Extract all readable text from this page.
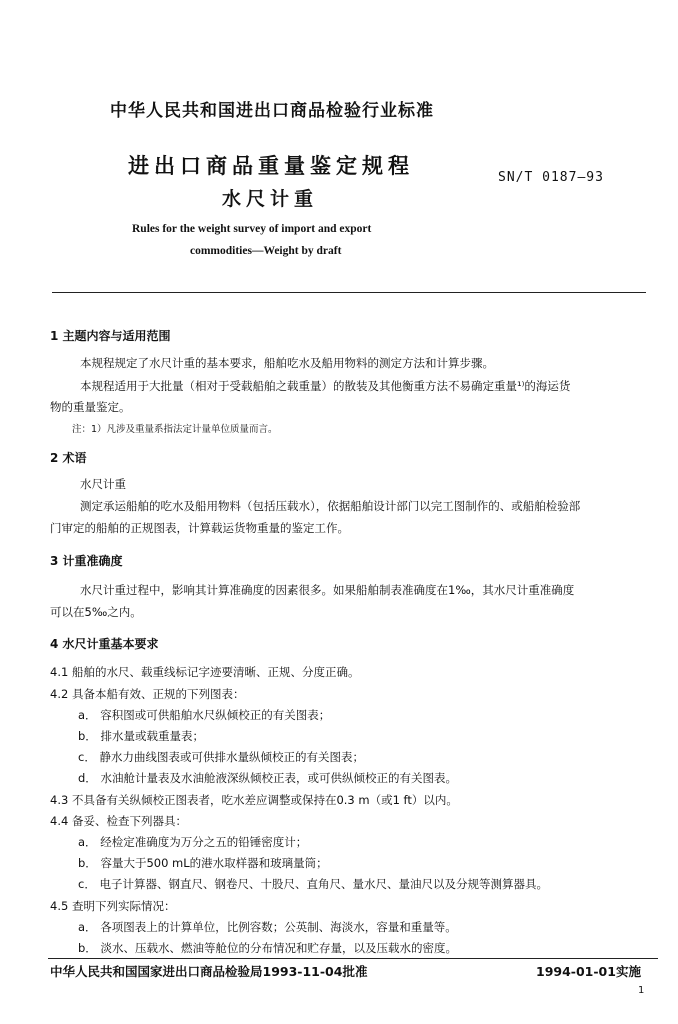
中华人民共和国进出口商品检验行业标准
进出口商品重量鉴定规程
水尺计重
SN/T 0187—93
Rules for the weight survey of import and export
commodities—Weight by draft
1 主题内容与适用范围
本规程规定了水尺计重的基本要求，船舶吃水及船用物料的测定方法和计算步骤。
本规程适用于大批量（相对于受载船舶之载重量）的散装及其他衡重方法不易确定重量¹⁾的海运货
物的重量鉴定。
注：1）凡涉及重量系指法定计量单位质量而言。
2 术语
水尺计重
测定承运船舶的吃水及船用物料（包括压载水），依据船舶设计部门以完工图制作的、或船舶检验部
门审定的船舶的正规图表，计算载运货物重量的鉴定工作。
3 计重准确度
水尺计重过程中，影响其计算准确度的因素很多。如果船舶制表准确度在1‰，其水尺计重准确度
可以在5‰之内。
4 水尺计重基本要求
4.1 船舶的水尺、载重线标记字迹要清晰、正规、分度正确。
4.2 具备本船有效、正规的下列图表：
a． 容积图或可供船舶水尺纵倾校正的有关图表；
b． 排水量或载重量表；
c． 静水力曲线图表或可供排水量纵倾校正的有关图表；
d． 水油舱计量表及水油舱液深纵倾校正表，或可供纵倾校正的有关图表。
4.3 不具备有关纵倾校正图表者，吃水差应调整或保持在0.3 m（或1 ft）以内。
4.4 备妥、检查下列器具：
a． 经检定准确度为万分之五的铅锤密度计；
b． 容量大于500 mL的港水取样器和玻璃量筒；
c． 电子计算器、钢直尺、钢卷尺、十股尺、直角尺、量水尺、量油尺以及分规等测算器具。
4.5 查明下列实际情况：
a． 各项图表上的计算单位，比例容数；公英制、海淡水，容量和重量等。
b． 淡水、压载水、燃油等舱位的分布情况和贮存量，以及压载水的密度。
中华人民共和国国家进出口商品检验局1993-11-04批准	1994-01-01实施
1
